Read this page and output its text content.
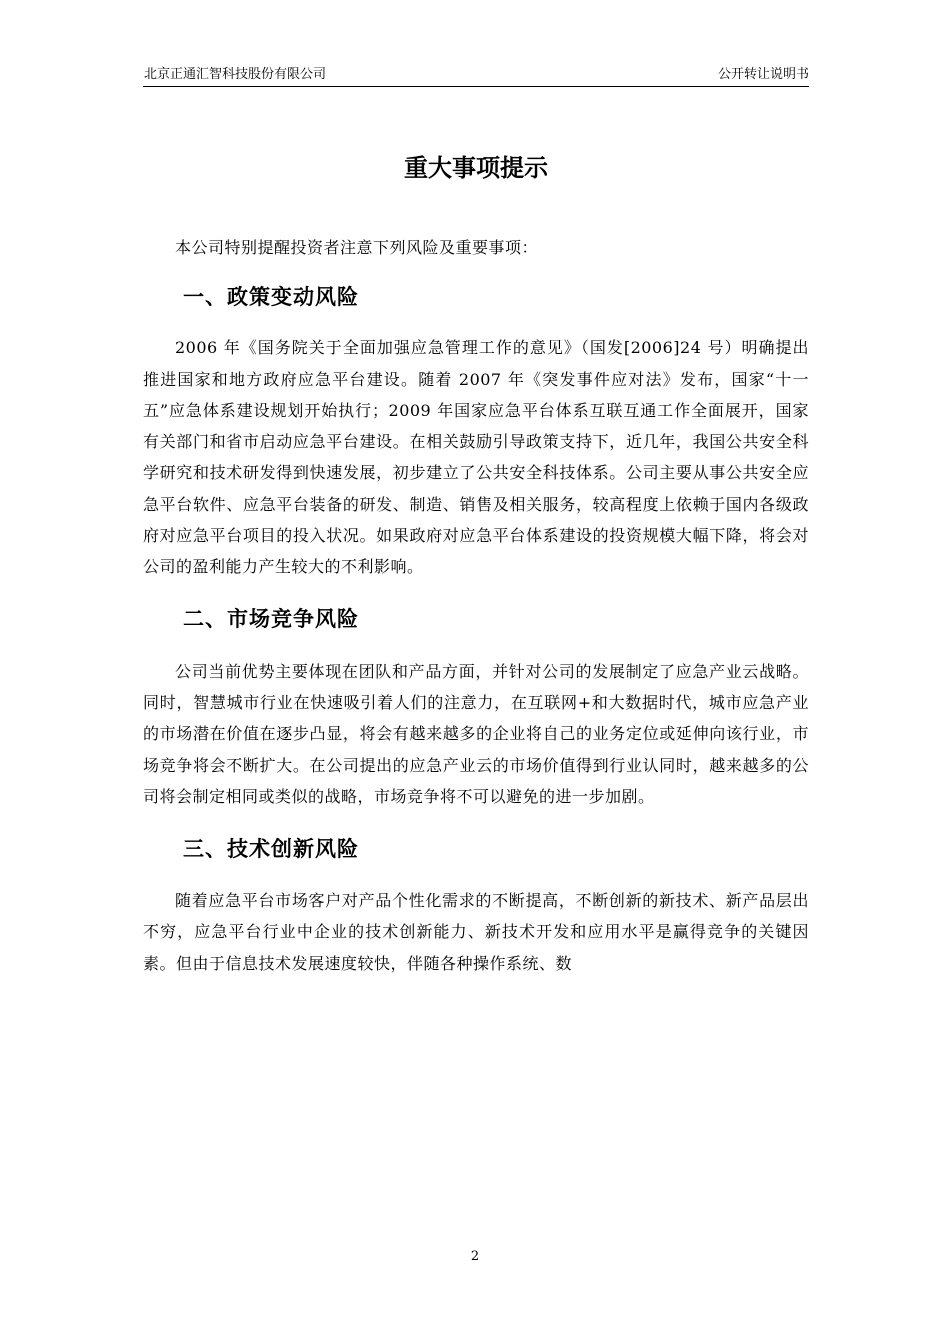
北京正通汇智科技股份有限公司	公开转让说明书
重大事项提示

本公司特别提醒投资者注意下列风险及重要事项：

一、政策变动风险

2006 年《国务院关于全面加强应急管理工作的意见》（国发[2006]24 号）明确提出推进国家和地方政府应急平台建设。随着 2007 年《突发事件应对法》发布，国家“十一五”应急体系建设规划开始执行；2009 年国家应急平台体系互联互通工作全面展开，国家有关部门和省市启动应急平台建设。在相关鼓励引导政策支持下，近几年，我国公共安全科学研究和技术研发得到快速发展，初步建立了公共安全科技体系。公司主要从事公共安全应急平台软件、应急平台装备的研发、制造、销售及相关服务，较高程度上依赖于国内各级政府对应急平台项目的投入状况。如果政府对应急平台体系建设的投资规模大幅下降，将会对公司的盈利能力产生较大的不利影响。

二、市场竞争风险

公司当前优势主要体现在团队和产品方面，并针对公司的发展制定了应急产业云战略。同时，智慧城市行业在快速吸引着人们的注意力，在互联网+和大数据时代，城市应急产业的市场潜在价值在逐步凸显，将会有越来越多的企业将自己的业务定位或延伸向该行业，市场竞争将会不断扩大。在公司提出的应急产业云的市场价值得到行业认同时，越来越多的公司将会制定相同或类似的战略，市场竞争将不可以避免的进一步加剧。

三、技术创新风险

随着应急平台市场客户对产品个性化需求的不断提高，不断创新的新技术、新产品层出不穷，应急平台行业中企业的技术创新能力、新技术开发和应用水平是赢得竞争的关键因素。但由于信息技术发展速度较快，伴随各种操作系统、数

2
